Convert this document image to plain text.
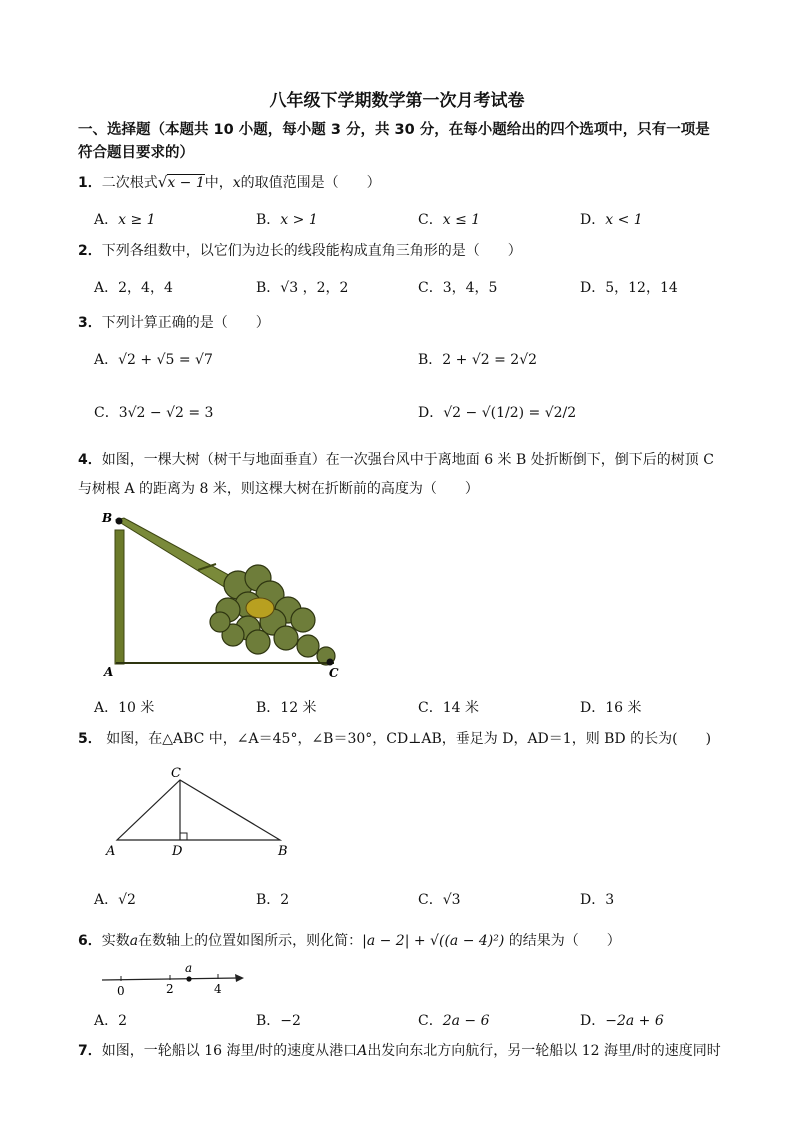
八年级下学期数学第一次月考试卷
一、选择题（本题共 10 小题，每小题 3 分，共 30 分，在每小题给出的四个选项中，只有一项是
符合题目要求的）
1．二次根式√x − 1中，x的取值范围是（　　）
A．x ≥ 1	B．x > 1	C．x ≤ 1	D．x < 1
2．下列各组数中，以它们为边长的线段能构成直角三角形的是（　　）
A．2，4，4	B．√3 ，2，2	C．3，4，5	D．5，12，14
3．下列计算正确的是（　　）
A．√2 + √5 = √7	B．2 + √2 = 2√2
C．3√2 − √2 = 3	D．√2 − √(1/2) = √2/2
4．如图，一棵大树（树干与地面垂直）在一次强台风中于离地面 6 米 B 处折断倒下，倒下后的树顶 C
与树根 A 的距离为 8 米，则这棵大树在折断前的高度为（　　）
B
A	C
A．10 米	B．12 米	C．14 米	D．16 米
5． 如图，在△ABC 中，∠A＝45°，∠B＝30°，CD⊥AB，垂足为 D，AD＝1，则 BD 的长为(　　)
C
A	D	B
A．√2	B．2	C．√3	D．3
6．实数a在数轴上的位置如图所示，则化简：|a − 2| + √((a − 4)²) 的结果为（　　）
0	2	4
a
A．2	B．−2	C．2a − 6	D．−2a + 6
7．如图，一轮船以 16 海里/时的速度从港口A出发向东北方向航行，另一轮船以 12 海里/时的速度同时
